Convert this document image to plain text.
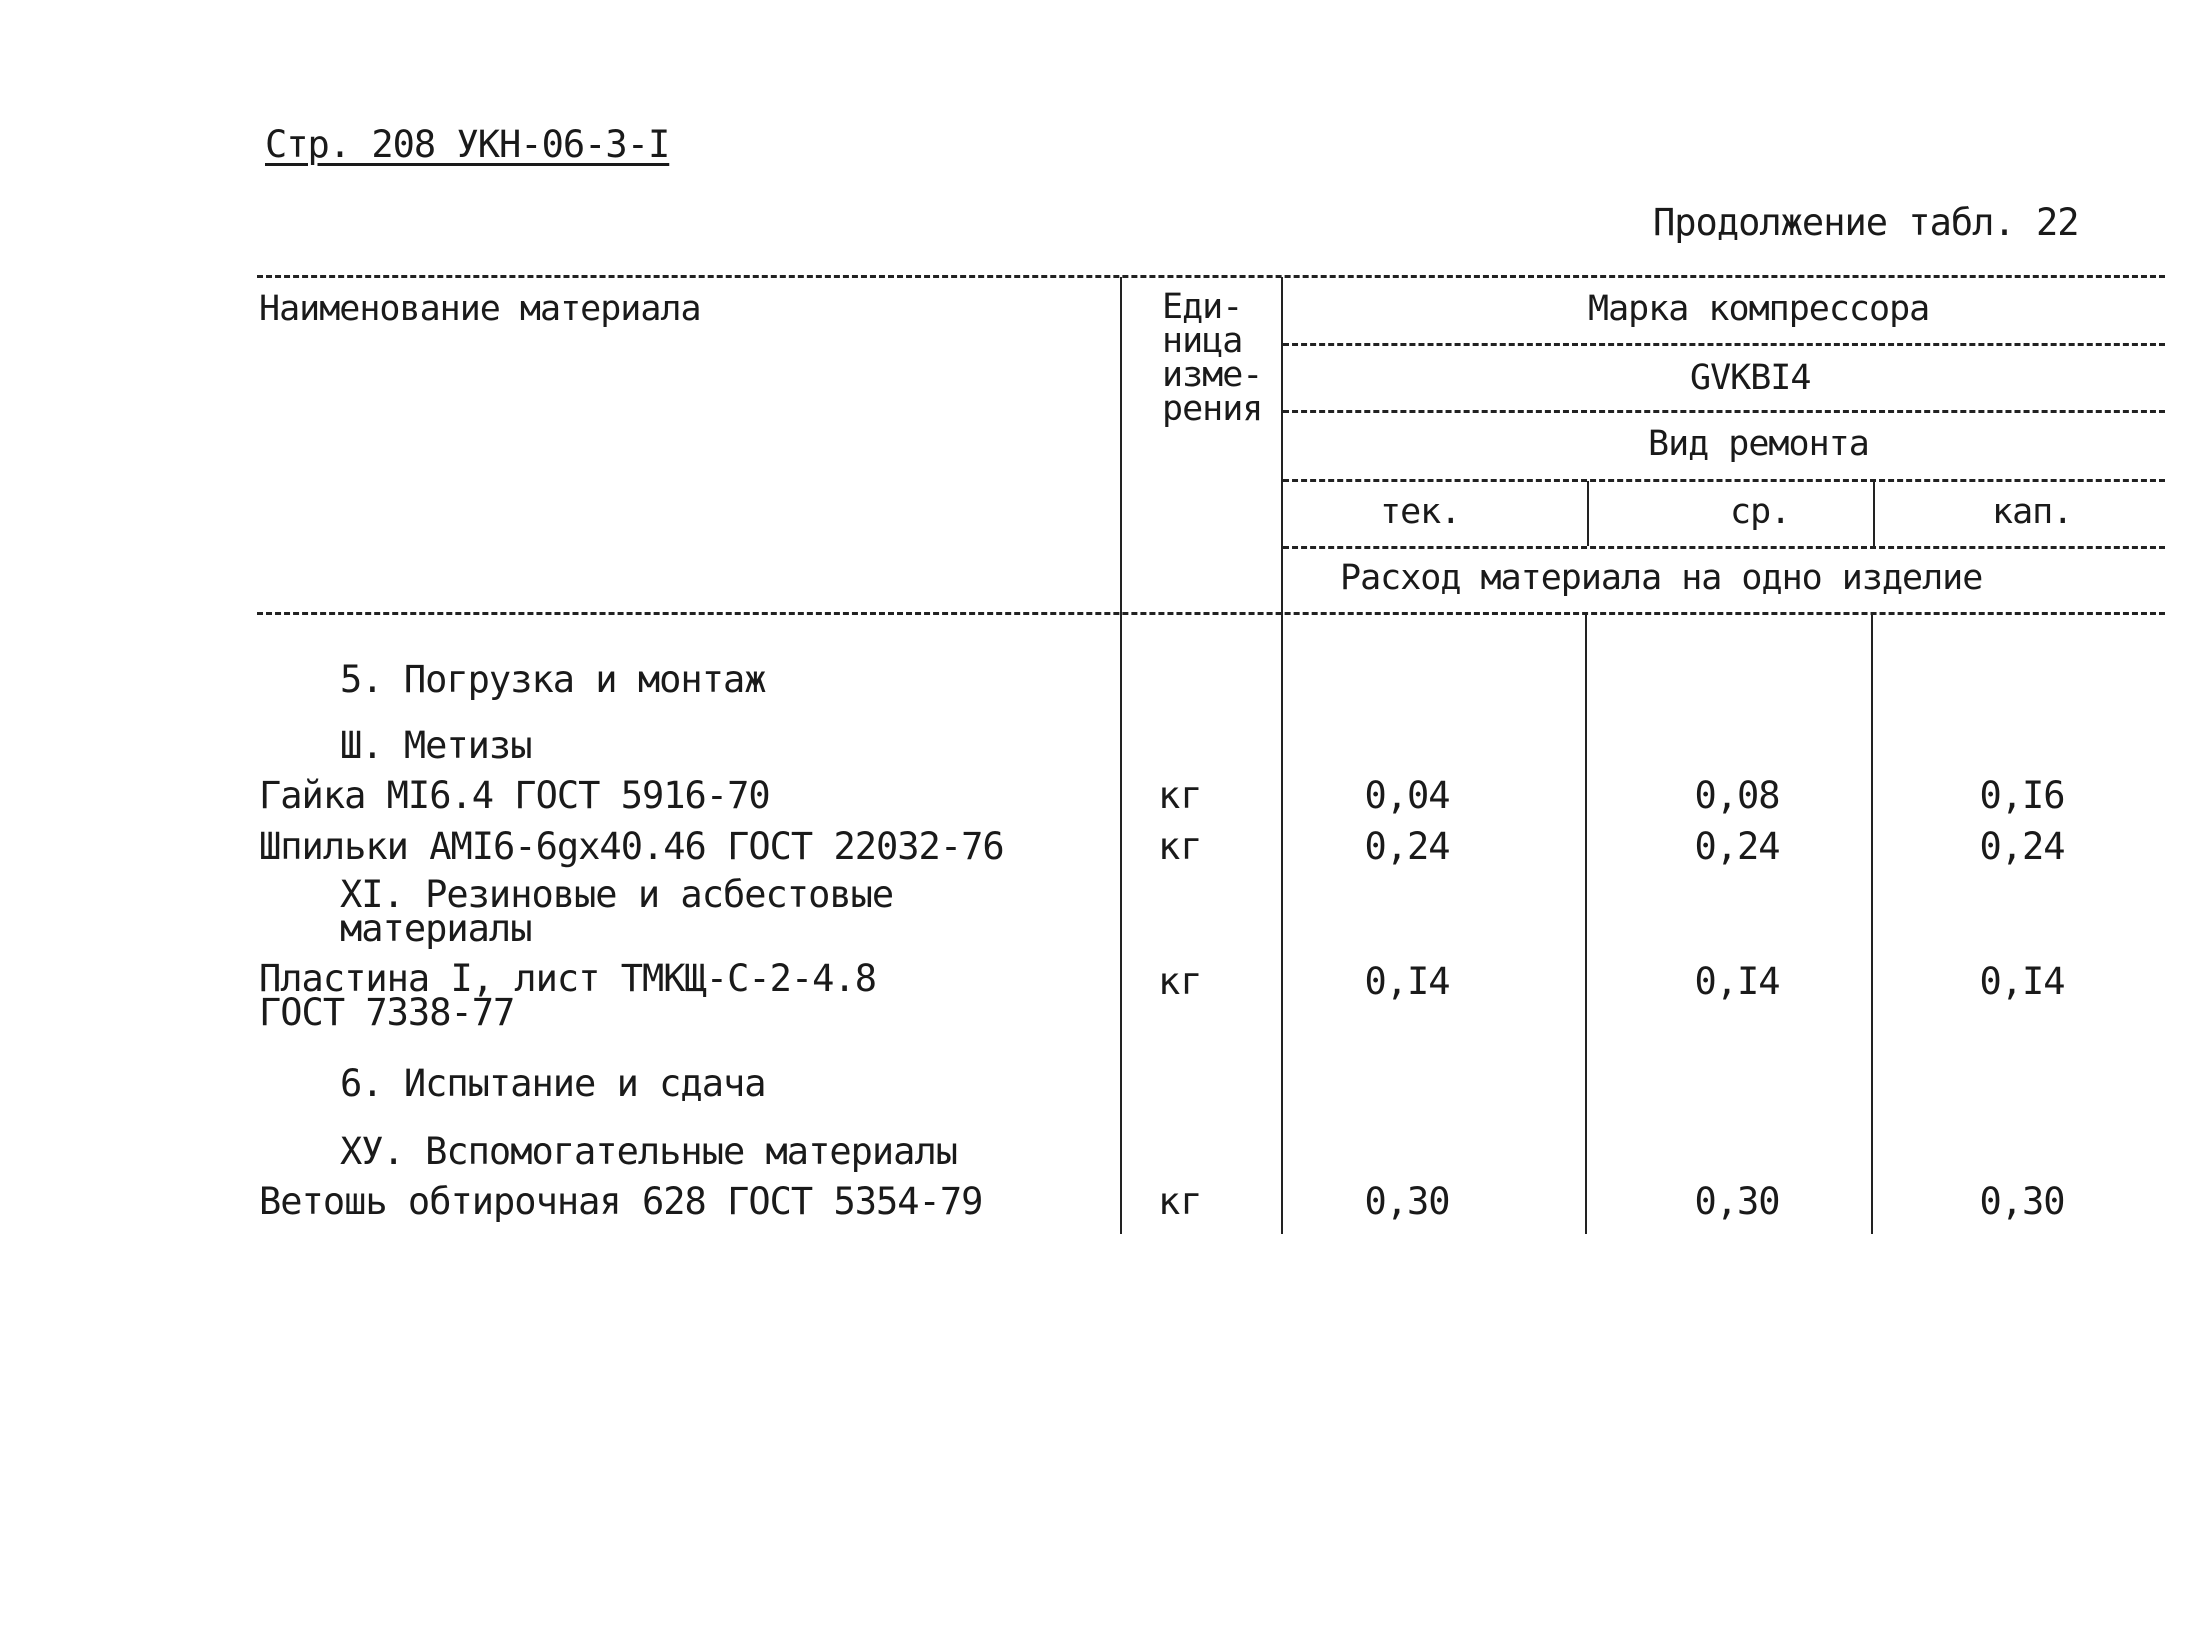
Стр. 208 УКН-06-3-I
Продолжение табл. 22
Наименование материала	Еди-
ница
изме-
рения
Марка компрессора
GVKBI4
Вид ремонта
тек.	ср.	кап.
Расход материала на одно изделие
5. Погрузка и монтаж
Ш. Метизы
Гайка MI6.4 ГОСТ 5916-70	кг	0,04	0,08	0,I6
Шпильки AMI6-6gx40.46 ГОСТ 22032-76	кг	0,24	0,24	0,24
XI. Резиновые и асбестовые материалы
Пластина I, лист ТМКЩ-С-2-4.8 ГОСТ 7338-77
кг	0,I4	0,I4	0,I4
6. Испытание и сдача
ХУ. Вспомогательные материалы
Ветошь обтирочная 628 ГОСТ 5354-79	кг	0,30	0,30	0,30
